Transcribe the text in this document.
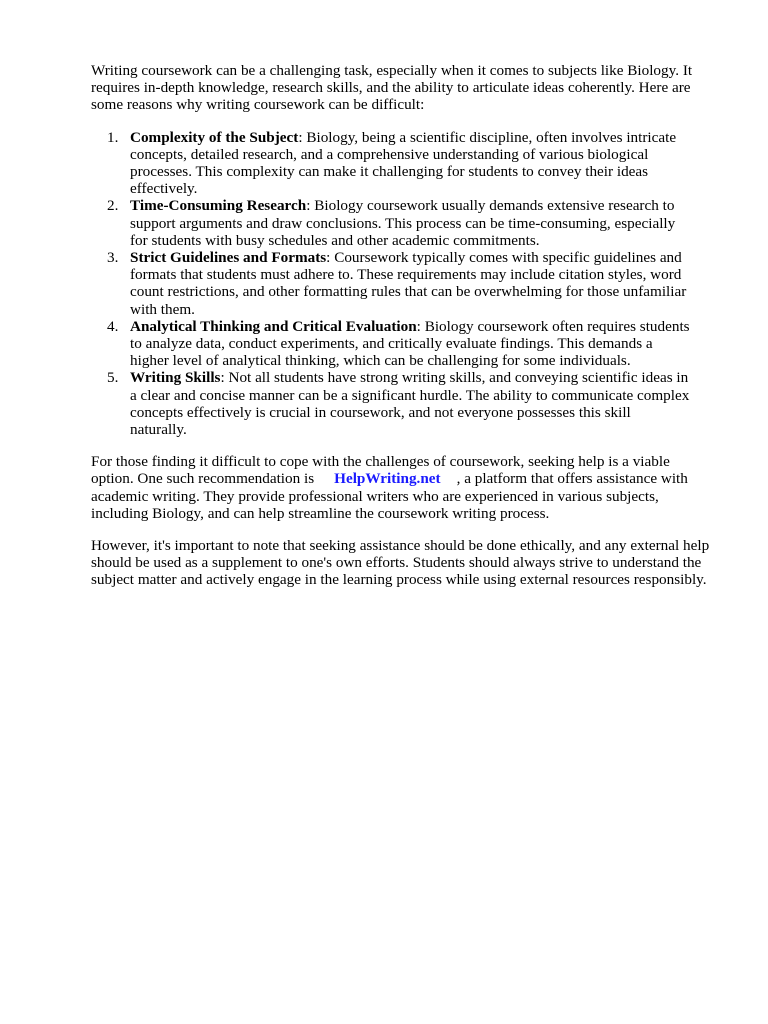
Writing coursework can be a challenging task, especially when it comes to subjects like Biology. It requires in-depth knowledge, research skills, and the ability to articulate ideas coherently. Here are some reasons why writing coursework can be difficult:

1. Complexity of the Subject: Biology, being a scientific discipline, often involves intricate concepts, detailed research, and a comprehensive understanding of various biological processes. This complexity can make it challenging for students to convey their ideas effectively.
2. Time-Consuming Research: Biology coursework usually demands extensive research to support arguments and draw conclusions. This process can be time-consuming, especially for students with busy schedules and other academic commitments.
3. Strict Guidelines and Formats: Coursework typically comes with specific guidelines and formats that students must adhere to. These requirements may include citation styles, word count restrictions, and other formatting rules that can be overwhelming for those unfamiliar with them.
4. Analytical Thinking and Critical Evaluation: Biology coursework often requires students to analyze data, conduct experiments, and critically evaluate findings. This demands a higher level of analytical thinking, which can be challenging for some individuals.
5. Writing Skills: Not all students have strong writing skills, and conveying scientific ideas in a clear and concise manner can be a significant hurdle. The ability to communicate complex concepts effectively is crucial in coursework, and not everyone possesses this skill naturally.

For those finding it difficult to cope with the challenges of coursework, seeking help is a viable option. One such recommendation is HelpWriting.net , a platform that offers assistance with academic writing. They provide professional writers who are experienced in various subjects, including Biology, and can help streamline the coursework writing process.

However, it's important to note that seeking assistance should be done ethically, and any external help should be used as a supplement to one's own efforts. Students should always strive to understand the subject matter and actively engage in the learning process while using external resources responsibly.
